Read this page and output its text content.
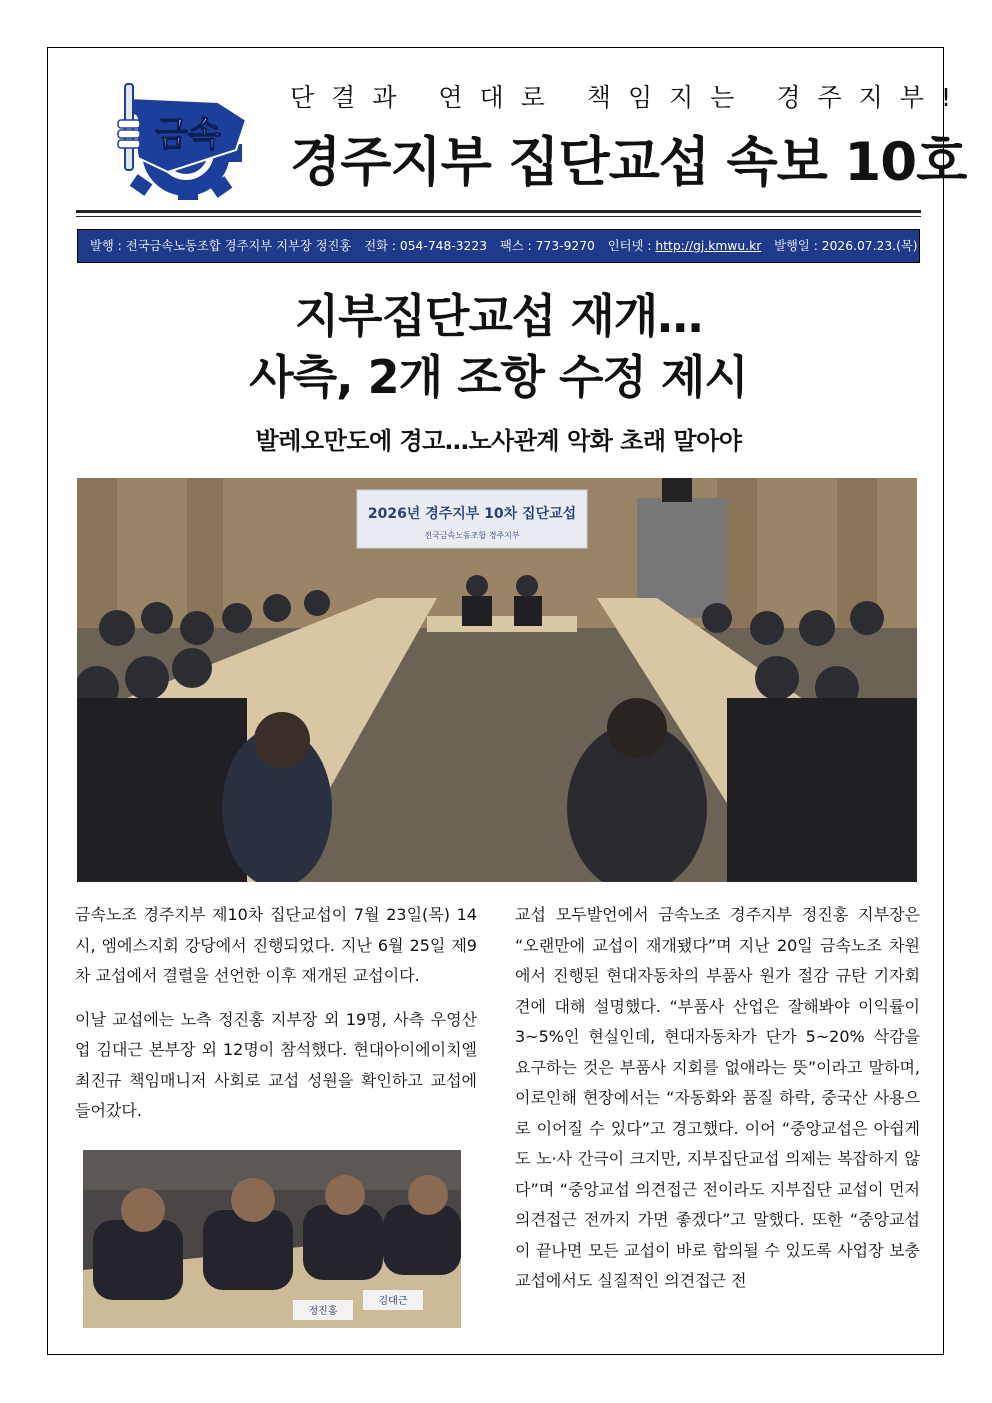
금속
단결과 연대로 책임지는 경주지부!
경주지부 집단교섭 속보 10호
발행 : 전국금속노동조합 경주지부 지부장 정진홍 전화 : 054-748-3223 팩스 : 773-9270 인터넷 : http://gj.kmwu.kr 발행일 : 2026.07.23.(목)
지부집단교섭 재개…
사측, 2개 조항 수정 제시
발레오만도에 경고…노사관계 악화 초래 말아야
2026년 경주지부 10차 집단교섭
전국금속노동조합 경주지부
정진홍
김대근

금속노조 경주지부 제10차 집단교섭이 7월 23일(목) 14시, 엠에스지회 강당에서 진행되었다. 지난 6월 25일 제9차 교섭에서 결렬을 선언한 이후 재개된 교섭이다.

이날 교섭에는 노측 정진홍 지부장 외 19명, 사측 우영산업 김대근 본부장 외 12명이 참석했다. 현대아이에이치엘 최진규 책임매니저 사회로 교섭 성원을 확인하고 교섭에 들어갔다.

교섭 모두발언에서 금속노조 경주지부 정진홍 지부장은 “오랜만에 교섭이 재개됐다”며 지난 20일 금속노조 차원에서 진행된 현대자동차의 부품사 원가 절감 규탄 기자회견에 대해 설명했다. “부품사 산업은 잘해봐야 이익률이 3~5%인 현실인데, 현대자동차가 단가 5~20% 삭감을 요구하는 것은 부품사 지회를 없애라는 뜻”이라고 말하며, 이로인해 현장에서는 “자동화와 품질 하락, 중국산 사용으로 이어질 수 있다”고 경고했다. 이어 “중앙교섭은 아쉽게도 노·사 간극이 크지만, 지부집단교섭 의제는 복잡하지 않다”며 “중앙교섭 의견접근 전이라도 지부집단 교섭이 먼저 의견접근 전까지 가면 좋겠다”고 말했다. 또한 “중앙교섭이 끝나면 모든 교섭이 바로 합의될 수 있도록 사업장 보충교섭에서도 실질적인 의견접근 전
